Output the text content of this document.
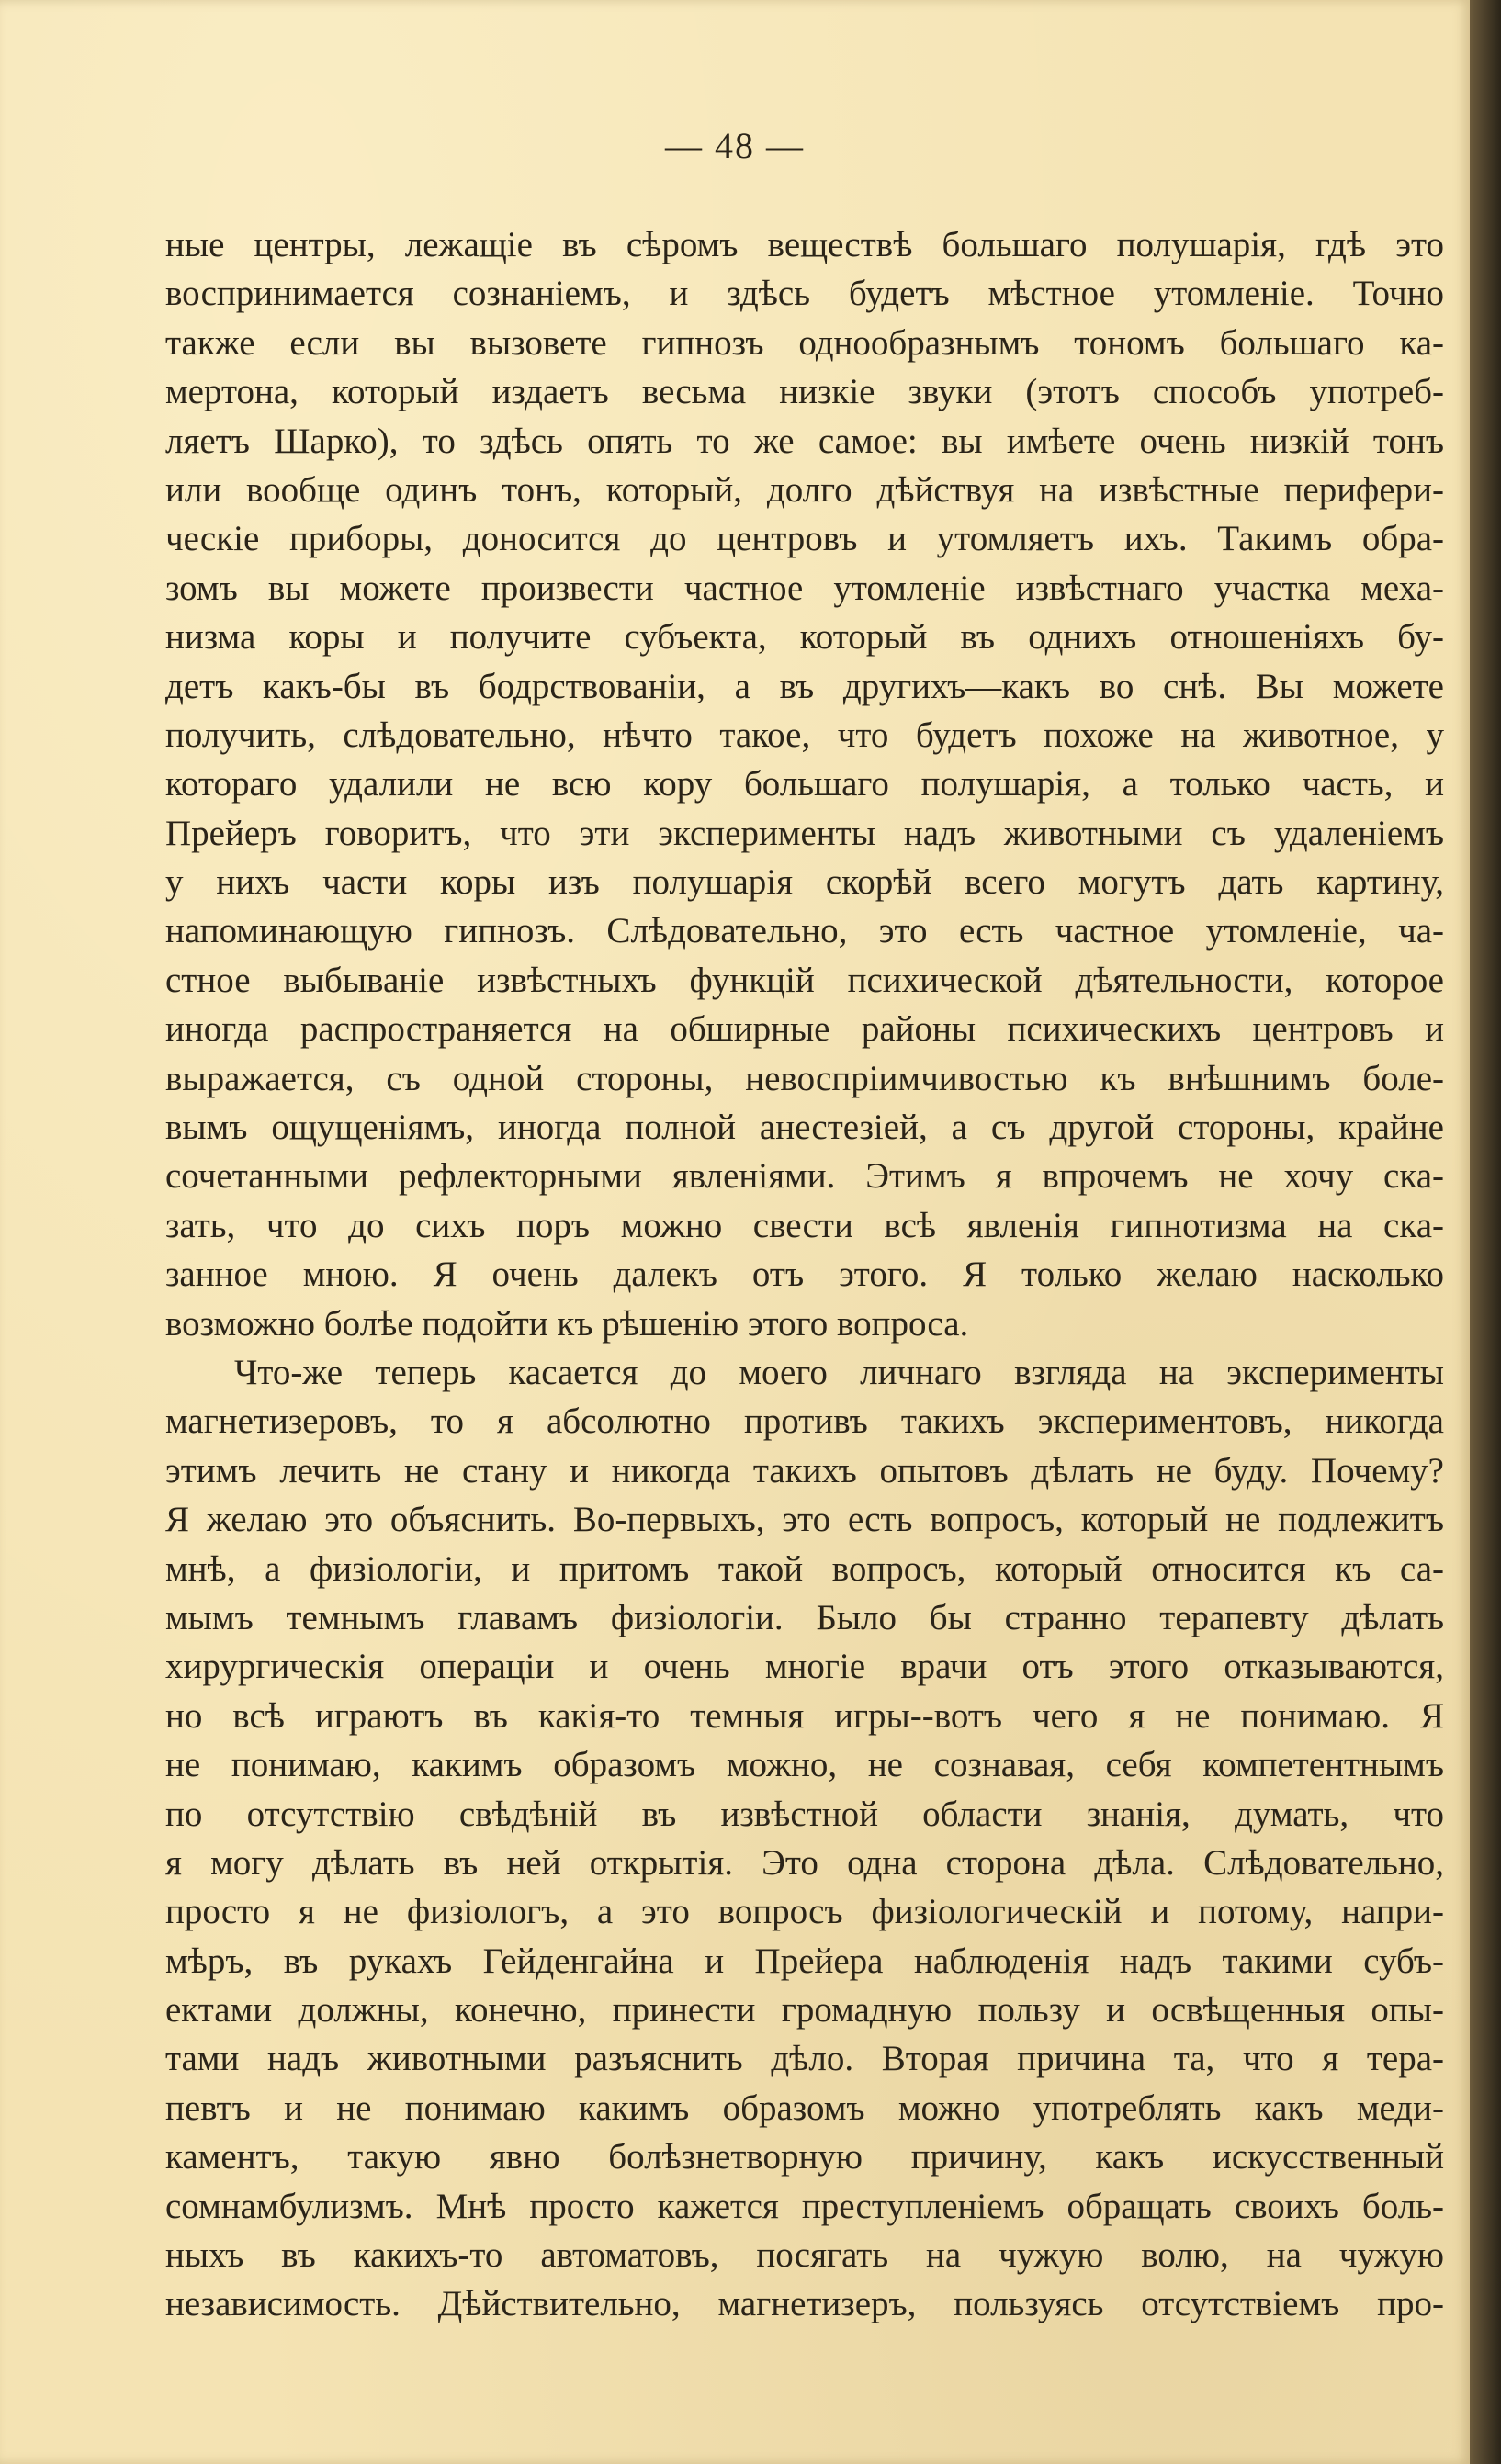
— 48 —
ные центры, лежащіе въ сѣромъ веществѣ большаго полушарія, гдѣ это
воспринимается сознаніемъ, и здѣсь будетъ мѣстное утомленіе. Точно
также если вы вызовете гипнозъ однообразнымъ тономъ большаго ка-
мертона, который издаетъ весьма низкіе звуки (этотъ способъ употреб-
ляетъ Шарко), то здѣсь опять то же самое: вы имѣете очень низкій тонъ
или вообще одинъ тонъ, который, долго дѣйствуя на извѣстные перифери-
ческіе приборы, доносится до центровъ и утомляетъ ихъ. Такимъ обра-
зомъ вы можете произвести частное утомленіе извѣстнаго участка меха-
низма коры и получите субъекта, который въ однихъ отношеніяхъ бу-
детъ какъ-бы въ бодрствованіи, а въ другихъ—какъ во снѣ. Вы можете
получить, слѣдовательно, нѣчто такое, что будетъ похоже на животное, у
котораго удалили не всю кору большаго полушарія, а только часть, и
Прейеръ говоритъ, что эти эксперименты надъ животными съ удаленіемъ
у нихъ части коры изъ полушарія скорѣй всего могутъ дать картину,
напоминающую гипнозъ. Слѣдовательно, это есть частное утомленіе, ча-
стное выбываніе извѣстныхъ функцій психической дѣятельности, которое
иногда распространяется на обширные районы психическихъ центровъ и
выражается, съ одной стороны, невоспріимчивостью къ внѣшнимъ боле-
вымъ ощущеніямъ, иногда полной анестезіей, а съ другой стороны, крайне
сочетанными рефлекторными явленіями. Этимъ я впрочемъ не хочу ска-
зать, что до сихъ поръ можно свести всѣ явленія гипнотизма на ска-
занное мною. Я очень далекъ отъ этого. Я только желаю насколько
возможно болѣе подойти къ рѣшенію этого вопроса.
Что-же теперь касается до моего личнаго взгляда на эксперименты
магнетизеровъ, то я абсолютно противъ такихъ экспериментовъ, никогда
этимъ лечить не стану и никогда такихъ опытовъ дѣлать не буду. Почему?
Я желаю это объяснить. Во-первыхъ, это есть вопросъ, который не подлежитъ
мнѣ, а физіологіи, и притомъ такой вопросъ, который относится къ са-
мымъ темнымъ главамъ физіологіи. Было бы странно терапевту дѣлать
хирургическія операціи и очень многіе врачи отъ этого отказываются,
но всѣ играютъ въ какія-то темныя игры--вотъ чего я не понимаю. Я
не понимаю, какимъ образомъ можно, не сознавая, себя компетентнымъ
по отсутствію свѣдѣній въ извѣстной области знанія, думать, что
я могу дѣлать въ ней открытія. Это одна сторона дѣла. Слѣдовательно,
просто я не физіологъ, а это вопросъ физіологическій и потому, напри-
мѣръ, въ рукахъ Гейденгайна и Прейера наблюденія надъ такими субъ-
ектами должны, конечно, принести громадную пользу и освѣщенныя опы-
тами надъ животными разъяснить дѣло. Вторая причина та, что я тера-
певтъ и не понимаю какимъ образомъ можно употреблять какъ меди-
каментъ, такую явно болѣзнетворную причину, какъ искусственный
сомнамбулизмъ. Мнѣ просто кажется преступленіемъ обращать своихъ боль-
ныхъ въ какихъ-то автоматовъ, посягать на чужую волю, на чужую
независимость. Дѣйствительно, магнетизеръ, пользуясь отсутствіемъ про-
